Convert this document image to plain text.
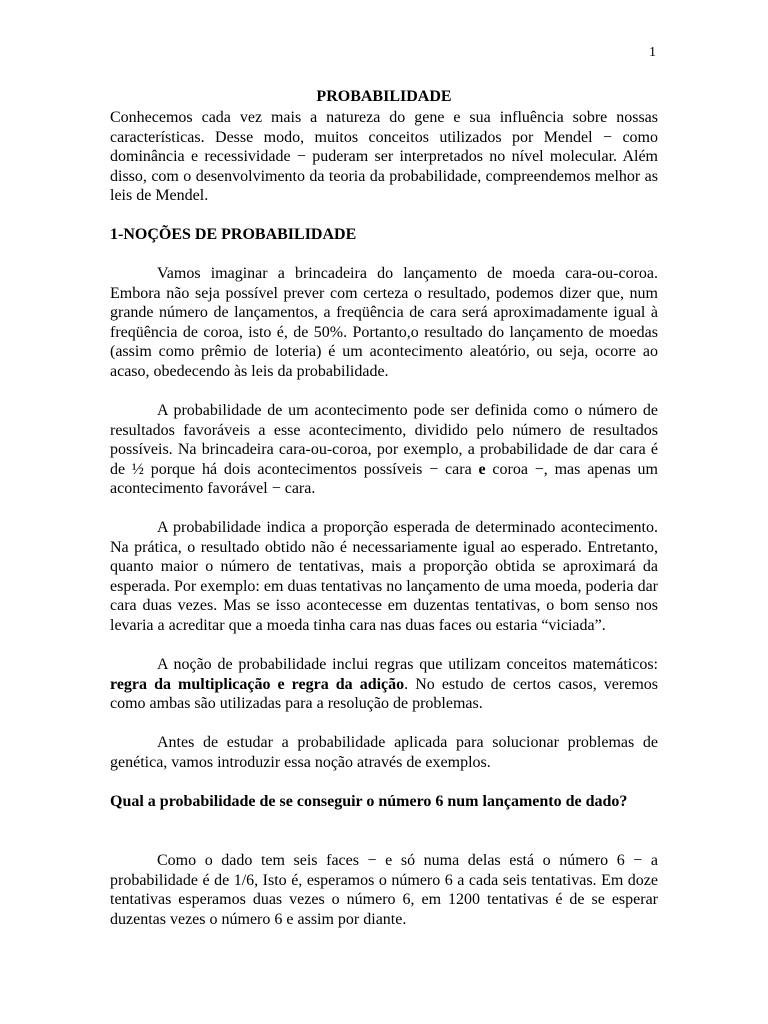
1
PROBABILIDADE

Conhecemos cada vez mais a natureza do gene e sua influência sobre nossas características. Desse modo, muitos conceitos utilizados por Mendel − como dominância e recessividade − puderam ser interpretados no nível molecular. Além disso, com o desenvolvimento da teoria da probabilidade, compreendemos melhor as leis de Mendel.

1-NOÇÕES DE PROBABILIDADE

Vamos imaginar a brincadeira do lançamento de moeda cara-ou-coroa. Embora não seja possível prever com certeza o resultado, podemos dizer que, num grande número de lançamentos, a freqüência de cara será aproximadamente igual à freqüência de coroa, isto é, de 50%. Portanto,o resultado do lançamento de moedas (assim como prêmio de loteria) é um acontecimento aleatório, ou seja, ocorre ao acaso, obedecendo às leis da probabilidade.

A probabilidade de um acontecimento pode ser definida como o número de resultados favoráveis a esse acontecimento, dividido pelo número de resultados possíveis. Na brincadeira cara-ou-coroa, por exemplo, a probabilidade de dar cara é de ½ porque há dois acontecimentos possíveis − cara e coroa −, mas apenas um acontecimento favorável − cara.

A probabilidade indica a proporção esperada de determinado acontecimento. Na prática, o resultado obtido não é necessariamente igual ao esperado. Entretanto, quanto maior o número de tentativas, mais a proporção obtida se aproximará da esperada. Por exemplo: em duas tentativas no lançamento de uma moeda, poderia dar cara duas vezes. Mas se isso acontecesse em duzentas tentativas, o bom senso nos levaria a acreditar que a moeda tinha cara nas duas faces ou estaria “viciada”.

A noção de probabilidade inclui regras que utilizam conceitos matemáticos: regra da multiplicação e regra da adição. No estudo de certos casos, veremos como ambas são utilizadas para a resolução de problemas.

Antes de estudar a probabilidade aplicada para solucionar problemas de genética, vamos introduzir essa noção através de exemplos.

Qual a probabilidade de se conseguir o número 6 num lançamento de dado?

Como o dado tem seis faces − e só numa delas está o número 6 − a probabilidade é de 1/6, Isto é, esperamos o número 6 a cada seis tentativas. Em doze tentativas esperamos duas vezes o número 6, em 1200 tentativas é de se esperar duzentas vezes o número 6 e assim por diante.
